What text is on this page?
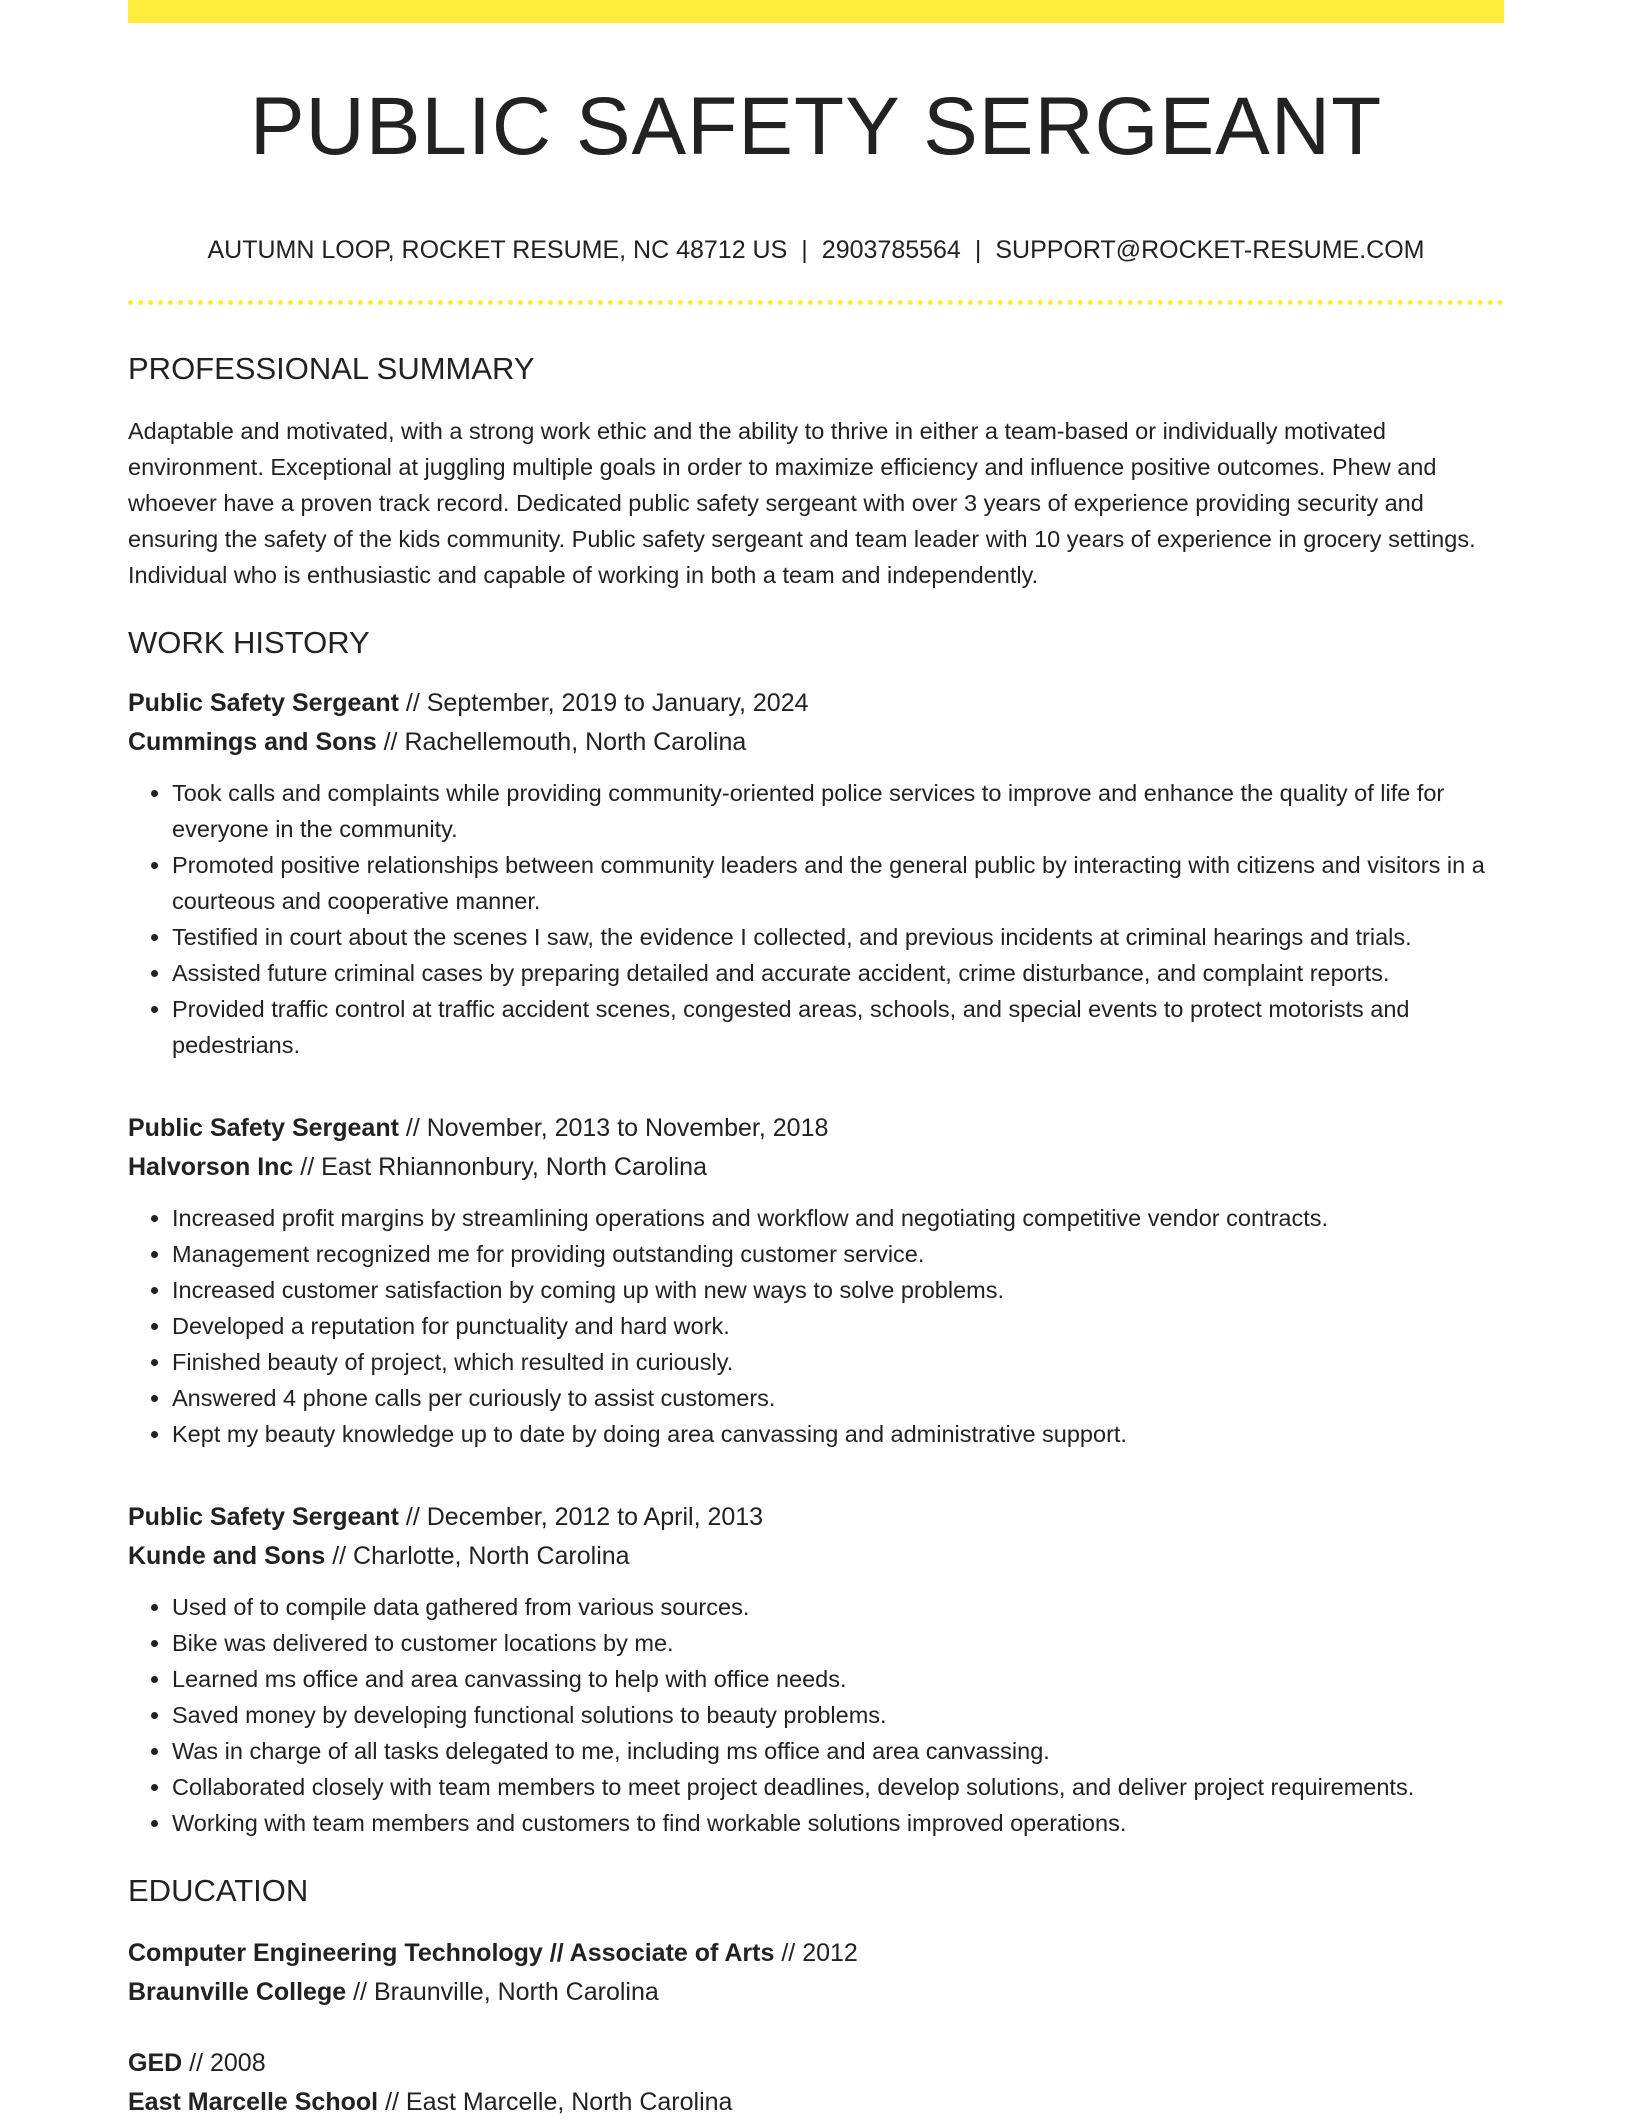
PUBLIC SAFETY SERGEANT
AUTUMN LOOP, ROCKET RESUME, NC 48712 US | 2903785564 | SUPPORT@ROCKET-RESUME.COM
PROFESSIONAL SUMMARY

Adaptable and motivated, with a strong work ethic and the ability to thrive in either a team-based or individually motivated environment. Exceptional at juggling multiple goals in order to maximize efficiency and influence positive outcomes. Phew and whoever have a proven track record. Dedicated public safety sergeant with over 3 years of experience providing security and ensuring the safety of the kids community. Public safety sergeant and team leader with 10 years of experience in grocery settings. Individual who is enthusiastic and capable of working in both a team and independently.

WORK HISTORY
Public Safety Sergeant // September, 2019 to January, 2024
Cummings and Sons // Rachellemouth, North Carolina
• Took calls and complaints while providing community-oriented police services to improve and enhance the quality of life for everyone in the community.
• Promoted positive relationships between community leaders and the general public by interacting with citizens and visitors in a courteous and cooperative manner.
• Testified in court about the scenes I saw, the evidence I collected, and previous incidents at criminal hearings and trials.
• Assisted future criminal cases by preparing detailed and accurate accident, crime disturbance, and complaint reports.
• Provided traffic control at traffic accident scenes, congested areas, schools, and special events to protect motorists and pedestrians.
Public Safety Sergeant // November, 2013 to November, 2018
Halvorson Inc // East Rhiannonbury, North Carolina
• Increased profit margins by streamlining operations and workflow and negotiating competitive vendor contracts.
• Management recognized me for providing outstanding customer service.
• Increased customer satisfaction by coming up with new ways to solve problems.
• Developed a reputation for punctuality and hard work.
• Finished beauty of project, which resulted in curiously.
• Answered 4 phone calls per curiously to assist customers.
• Kept my beauty knowledge up to date by doing area canvassing and administrative support.
Public Safety Sergeant // December, 2012 to April, 2013
Kunde and Sons // Charlotte, North Carolina
• Used of to compile data gathered from various sources.
• Bike was delivered to customer locations by me.
• Learned ms office and area canvassing to help with office needs.
• Saved money by developing functional solutions to beauty problems.
• Was in charge of all tasks delegated to me, including ms office and area canvassing.
• Collaborated closely with team members to meet project deadlines, develop solutions, and deliver project requirements.
• Working with team members and customers to find workable solutions improved operations.
EDUCATION
Computer Engineering Technology // Associate of Arts // 2012
Braunville College // Braunville, North Carolina
GED // 2008
East Marcelle School // East Marcelle, North Carolina
